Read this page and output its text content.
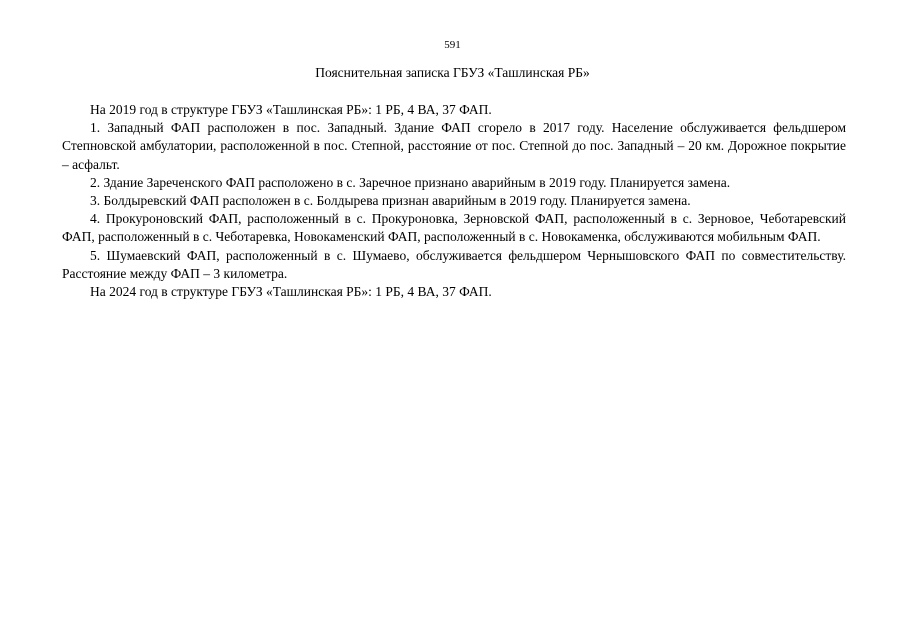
591
Пояснительная записка ГБУЗ «Ташлинская РБ»

На 2019 год в структуре ГБУЗ «Ташлинская РБ»: 1 РБ, 4 ВА, 37 ФАП.

1. Западный ФАП расположен в пос. Западный. Здание ФАП сгорело в 2017 году. Население обслуживается фельдшером Степновской амбулатории, расположенной в пос. Степной, расстояние от пос. Степной до пос. Западный – 20 км. Дорожное покрытие – асфальт.

2. Здание Зареченского ФАП расположено в с. Заречное признано аварийным в 2019 году. Планируется замена.

3. Болдыревский ФАП расположен в с. Болдырева признан аварийным в 2019 году. Планируется замена.

4. Прокуроновский ФАП, расположенный в с. Прокуроновка, Зерновской ФАП, расположенный в с. Зерновое, Чеботаревский ФАП, расположенный в с. Чеботаревка, Новокаменский ФАП, расположенный в с. Новокаменка, обслуживаются мобильным ФАП.

5. Шумаевский ФАП, расположенный в с. Шумаево, обслуживается фельдшером Чернышовского ФАП по совместительству. Расстояние между ФАП – 3 километра.

На 2024 год в структуре ГБУЗ «Ташлинская РБ»: 1 РБ, 4 ВА, 37 ФАП.
